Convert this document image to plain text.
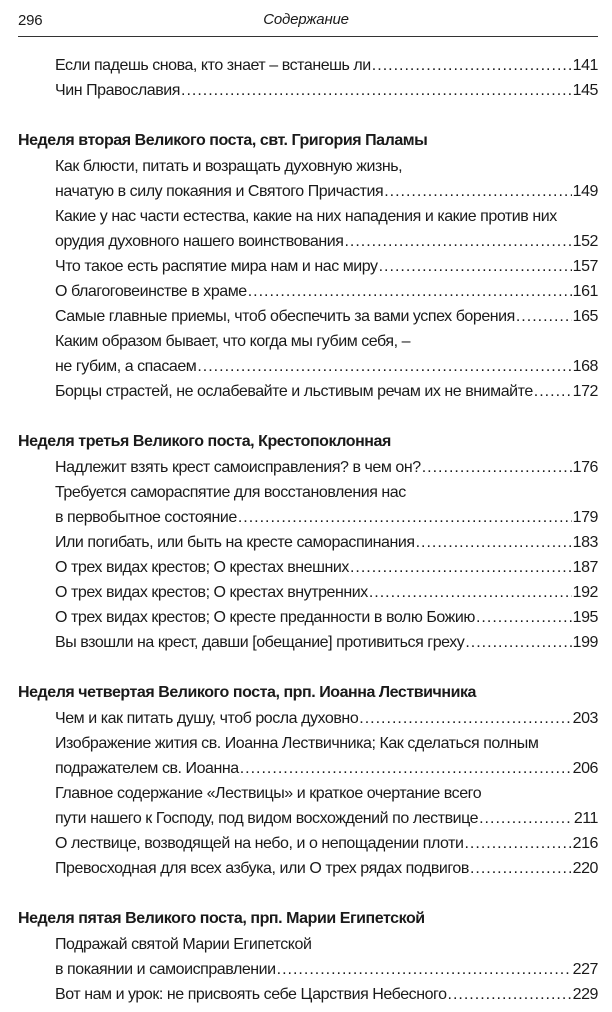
296	Содержание
Если падешь снова, кто знает – встанешь ли .....	141
Чин Православия .....	145
Неделя вторая Великого поста, свт. Григория Паламы
Как блюсти, питать и возращать духовную жизнь,
начатую в силу покаяния и Святого Причастия .....	149
Какие у нас части естества, какие на них нападения и какие против них
орудия духовного нашего воинствования .....	152
Что такое есть распятие мира нам и нас миру .....	157
О благоговеинстве в храме .....	161
Самые главные приемы, чтоб обеспечить за вами успех борения .....	165
Каким образом бывает, что когда мы губим себя, –
не губим, а спасаем .....	168
Борцы страстей, не ослабевайте и льстивым речам их не внимайте ..... 172
Неделя третья Великого поста, Крестопоклонная
Надлежит взять крест самоисправления? в чем он? .....	176
Требуется самораспятие для восстановления нас
в первобытное состояние .....	179
Или погибать, или быть на кресте самораспинания .....	183
О трех видах крестов; О крестах внешних .....	187
О трех видах крестов; О крестах внутренних .....	192
О трех видах крестов; О кресте преданности в волю Божию .....	195
Вы взошли на крест, давши [обещание] противиться греху .....	199
Неделя четвертая Великого поста, прп. Иоанна Лествичника
Чем и как питать душу, чтоб росла духовно .....	203
Изображение жития св. Иоанна Лествичника; Как сделаться полным
подражателем св. Иоанна .....	206
Главное содержание «Лествицы» и краткое очертание всего
пути нашего к Господу, под видом восхождений по лествице .....	211
О лествице, возводящей на небо, и о непощадении плоти .....	216
Превосходная для всех азбука, или О трех рядах подвигов .....	220
Неделя пятая Великого поста, прп. Марии Египетской
Подражай святой Марии Египетской
в покаянии и самоисправлении .....	227
Вот нам и урок: не присвоять себе Царствия Небесного .....	229
